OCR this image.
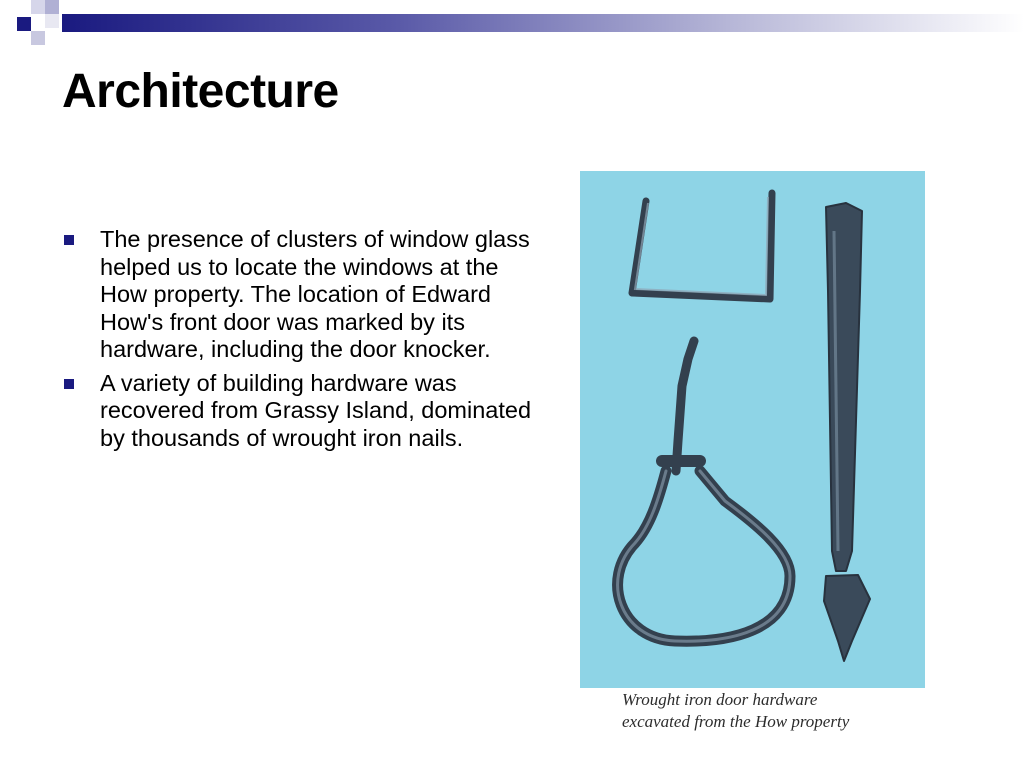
Architecture
The presence of clusters of window glass helped us to locate the windows at the How property. The location of Edward How's front door was marked by its hardware, including the door knocker.
A variety of building hardware was recovered from Grassy Island, dominated by thousands of wrought iron nails.
Wrought iron door hardware
excavated from the How property
